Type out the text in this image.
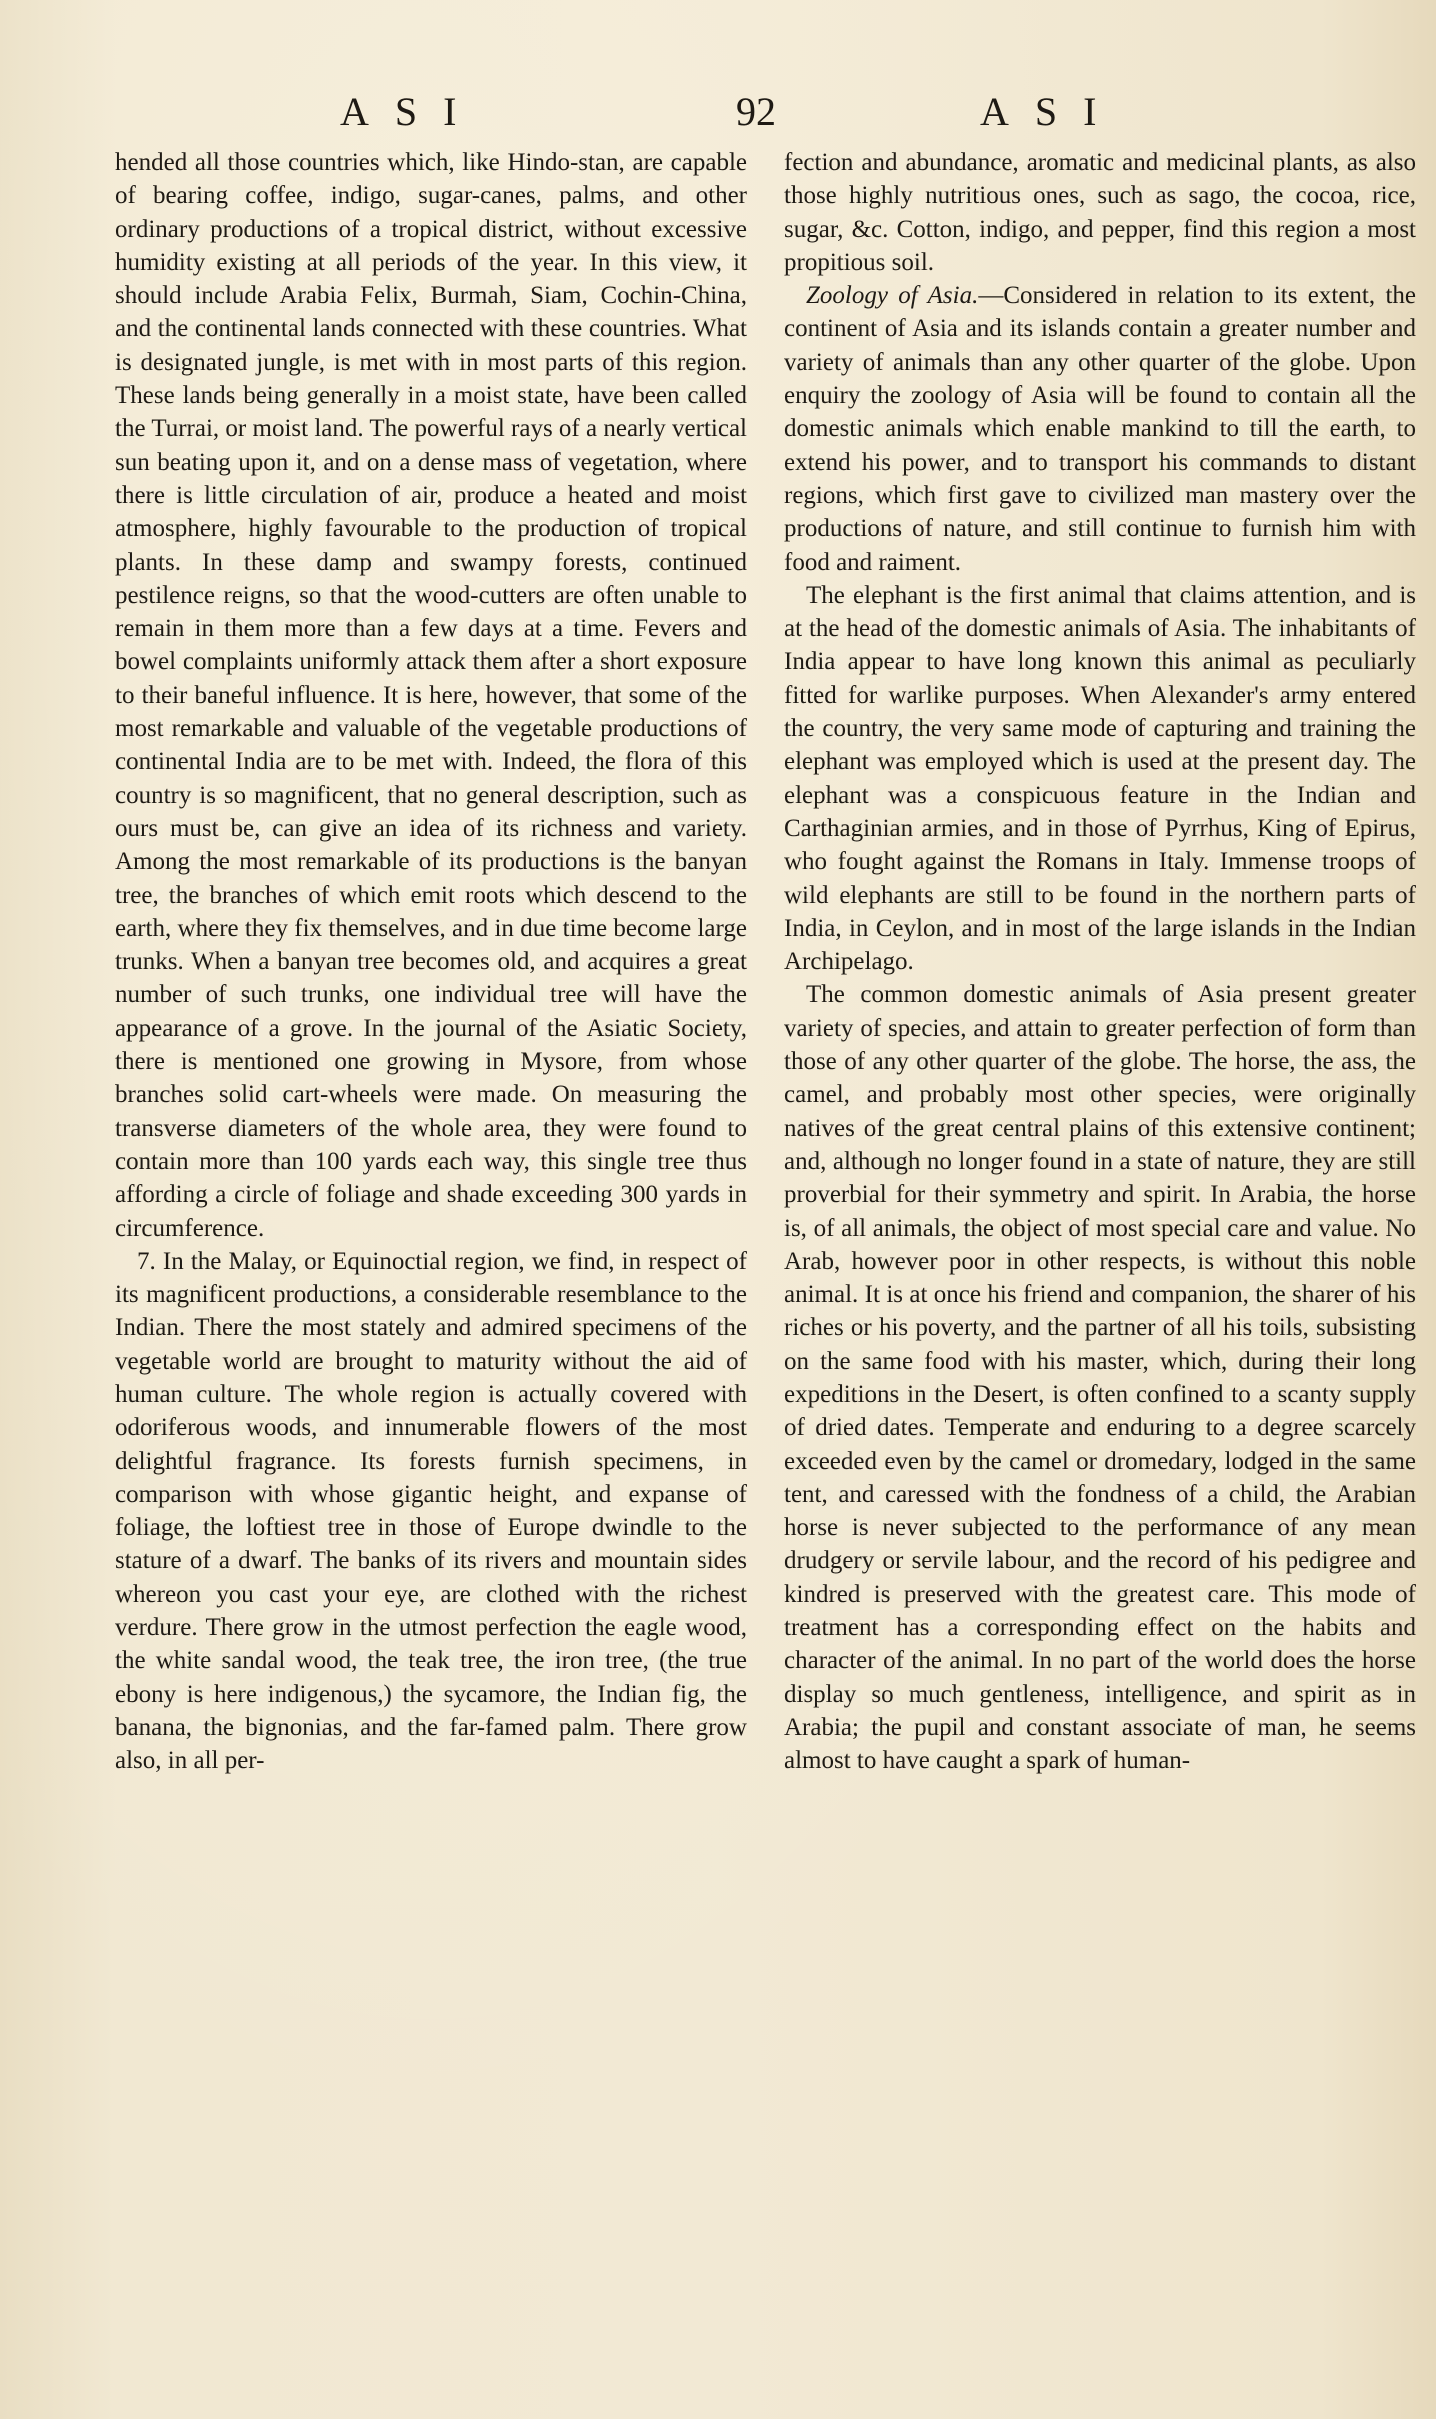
ASI	92	ASI

hended all those countries which, like Hindo-stan, are capable of bearing coffee, indigo, sugar-canes, palms, and other ordinary productions of a tropical district, without excessive humidity existing at all periods of the year. In this view, it should include Arabia Felix, Burmah, Siam, Cochin-China, and the continental lands connected with these countries. What is designated jungle, is met with in most parts of this region. These lands being generally in a moist state, have been called the Turrai, or moist land. The powerful rays of a nearly vertical sun beating upon it, and on a dense mass of vegetation, where there is little circulation of air, produce a heated and moist atmosphere, highly favourable to the production of tropical plants. In these damp and swampy forests, continued pestilence reigns, so that the wood-cutters are often unable to remain in them more than a few days at a time. Fevers and bowel complaints uniformly attack them after a short exposure to their baneful influence. It is here, however, that some of the most remarkable and valuable of the vegetable productions of continental India are to be met with. Indeed, the flora of this country is so magnificent, that no general description, such as ours must be, can give an idea of its richness and variety. Among the most remarkable of its productions is the banyan tree, the branches of which emit roots which descend to the earth, where they fix themselves, and in due time become large trunks. When a banyan tree becomes old, and acquires a great number of such trunks, one individual tree will have the appearance of a grove. In the journal of the Asiatic Society, there is mentioned one growing in Mysore, from whose branches solid cart-wheels were made. On measuring the transverse diameters of the whole area, they were found to contain more than 100 yards each way, this single tree thus affording a circle of foliage and shade exceeding 300 yards in circumference.

7. In the Malay, or Equinoctial region, we find, in respect of its magnificent productions, a considerable resemblance to the Indian. There the most stately and admired specimens of the vegetable world are brought to maturity without the aid of human culture. The whole region is actually covered with odoriferous woods, and innumerable flowers of the most delightful fragrance. Its forests furnish specimens, in comparison with whose gigantic height, and expanse of foliage, the loftiest tree in those of Europe dwindle to the stature of a dwarf. The banks of its rivers and mountain sides whereon you cast your eye, are clothed with the richest verdure. There grow in the utmost perfection the eagle wood, the white sandal wood, the teak tree, the iron tree, (the true ebony is here indigenous,) the sycamore, the Indian fig, the banana, the bignonias, and the far-famed palm. There grow also, in all per-

fection and abundance, aromatic and medicinal plants, as also those highly nutritious ones, such as sago, the cocoa, rice, sugar, &c. Cotton, indigo, and pepper, find this region a most propitious soil.

Zoology of Asia.—Considered in relation to its extent, the continent of Asia and its islands contain a greater number and variety of animals than any other quarter of the globe. Upon enquiry the zoology of Asia will be found to contain all the domestic animals which enable mankind to till the earth, to extend his power, and to transport his commands to distant regions, which first gave to civilized man mastery over the productions of nature, and still continue to furnish him with food and raiment.

The elephant is the first animal that claims attention, and is at the head of the domestic animals of Asia. The inhabitants of India appear to have long known this animal as peculiarly fitted for warlike purposes. When Alexander's army entered the country, the very same mode of capturing and training the elephant was employed which is used at the present day. The elephant was a conspicuous feature in the Indian and Carthaginian armies, and in those of Pyrrhus, King of Epirus, who fought against the Romans in Italy. Immense troops of wild elephants are still to be found in the northern parts of India, in Ceylon, and in most of the large islands in the Indian Archipelago.

The common domestic animals of Asia present greater variety of species, and attain to greater perfection of form than those of any other quarter of the globe. The horse, the ass, the camel, and probably most other species, were originally natives of the great central plains of this extensive continent; and, although no longer found in a state of nature, they are still proverbial for their symmetry and spirit. In Arabia, the horse is, of all animals, the object of most special care and value. No Arab, however poor in other respects, is without this noble animal. It is at once his friend and companion, the sharer of his riches or his poverty, and the partner of all his toils, subsisting on the same food with his master, which, during their long expeditions in the Desert, is often confined to a scanty supply of dried dates. Temperate and enduring to a degree scarcely exceeded even by the camel or dromedary, lodged in the same tent, and caressed with the fondness of a child, the Arabian horse is never subjected to the performance of any mean drudgery or servile labour, and the record of his pedigree and kindred is preserved with the greatest care. This mode of treatment has a corresponding effect on the habits and character of the animal. In no part of the world does the horse display so much gentleness, intelligence, and spirit as in Arabia; the pupil and constant associate of man, he seems almost to have caught a spark of human-
